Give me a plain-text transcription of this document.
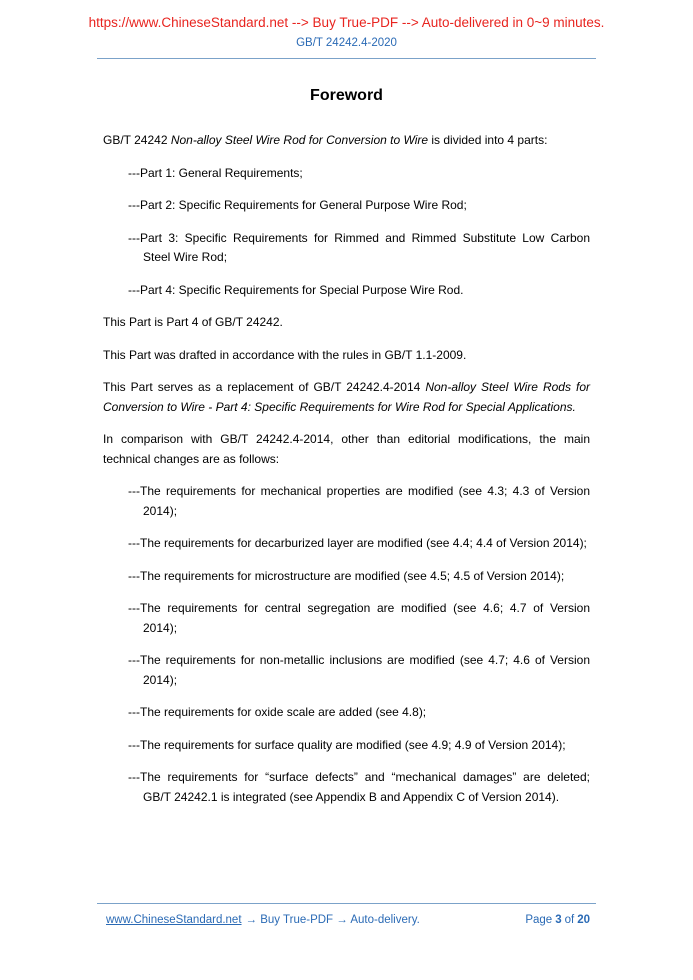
https://www.ChineseStandard.net --> Buy True-PDF --> Auto-delivered in 0~9 minutes.
GB/T 24242.4-2020
Foreword

GB/T 24242 Non-alloy Steel Wire Rod for Conversion to Wire is divided into 4 parts:

---Part 1: General Requirements;

---Part 2: Specific Requirements for General Purpose Wire Rod;

---Part 3: Specific Requirements for Rimmed and Rimmed Substitute Low Carbon Steel Wire Rod;

---Part 4: Specific Requirements for Special Purpose Wire Rod.

This Part is Part 4 of GB/T 24242.

This Part was drafted in accordance with the rules in GB/T 1.1-2009.

This Part serves as a replacement of GB/T 24242.4-2014 Non-alloy Steel Wire Rods for Conversion to Wire - Part 4: Specific Requirements for Wire Rod for Special Applications.

In comparison with GB/T 24242.4-2014, other than editorial modifications, the main technical changes are as follows:

---The requirements for mechanical properties are modified (see 4.3; 4.3 of Version 2014);

---The requirements for decarburized layer are modified (see 4.4; 4.4 of Version 2014);

---The requirements for microstructure are modified (see 4.5; 4.5 of Version 2014);

---The requirements for central segregation are modified (see 4.6; 4.7 of Version 2014);

---The requirements for non-metallic inclusions are modified (see 4.7; 4.6 of Version 2014);

---The requirements for oxide scale are added (see 4.8);

---The requirements for surface quality are modified (see 4.9; 4.9 of Version 2014);

---The requirements for “surface defects” and “mechanical damages” are deleted; GB/T 24242.1 is integrated (see Appendix B and Appendix C of Version 2014).

www.ChineseStandard.net → Buy True-PDF → Auto-delivery.	Page 3 of 20
